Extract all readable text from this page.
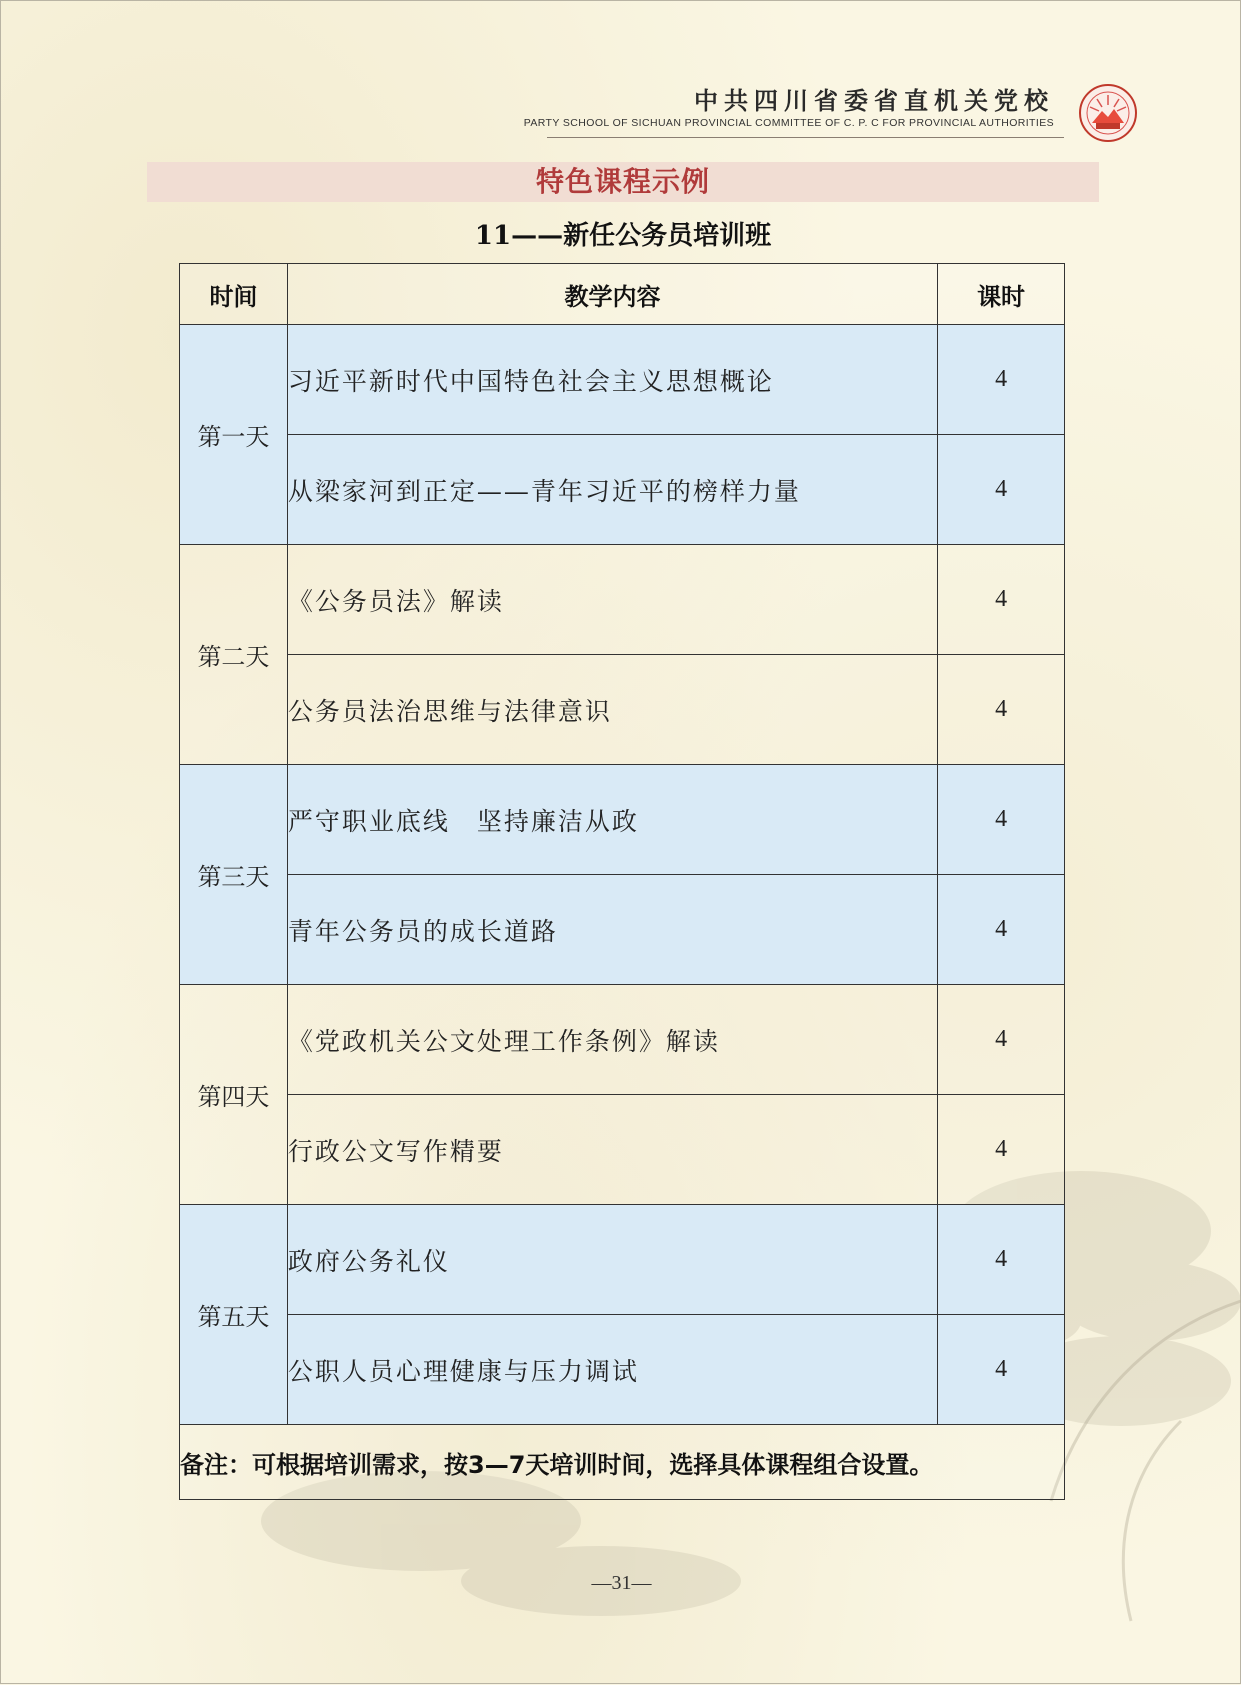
中共四川省委省直机关党校
PARTY SCHOOL OF SICHUAN PROVINCIAL COMMITTEE OF C. P. C FOR PROVINCIAL AUTHORITIES
特色课程示例
11——新任公务员培训班
时间	教学内容	课时
第一天	习近平新时代中国特色社会主义思想概论	4
	从梁家河到正定——青年习近平的榜样力量	4
第二天	《公务员法》解读	4
	公务员法治思维与法律意识	4
第三天	严守职业底线　坚持廉洁从政	4
	青年公务员的成长道路	4
第四天	《党政机关公文处理工作条例》解读	4
	行政公文写作精要	4
第五天	政府公务礼仪	4
	公职人员心理健康与压力调试	4
备注：可根据培训需求，按3—7天培训时间，选择具体课程组合设置。		
—31—
